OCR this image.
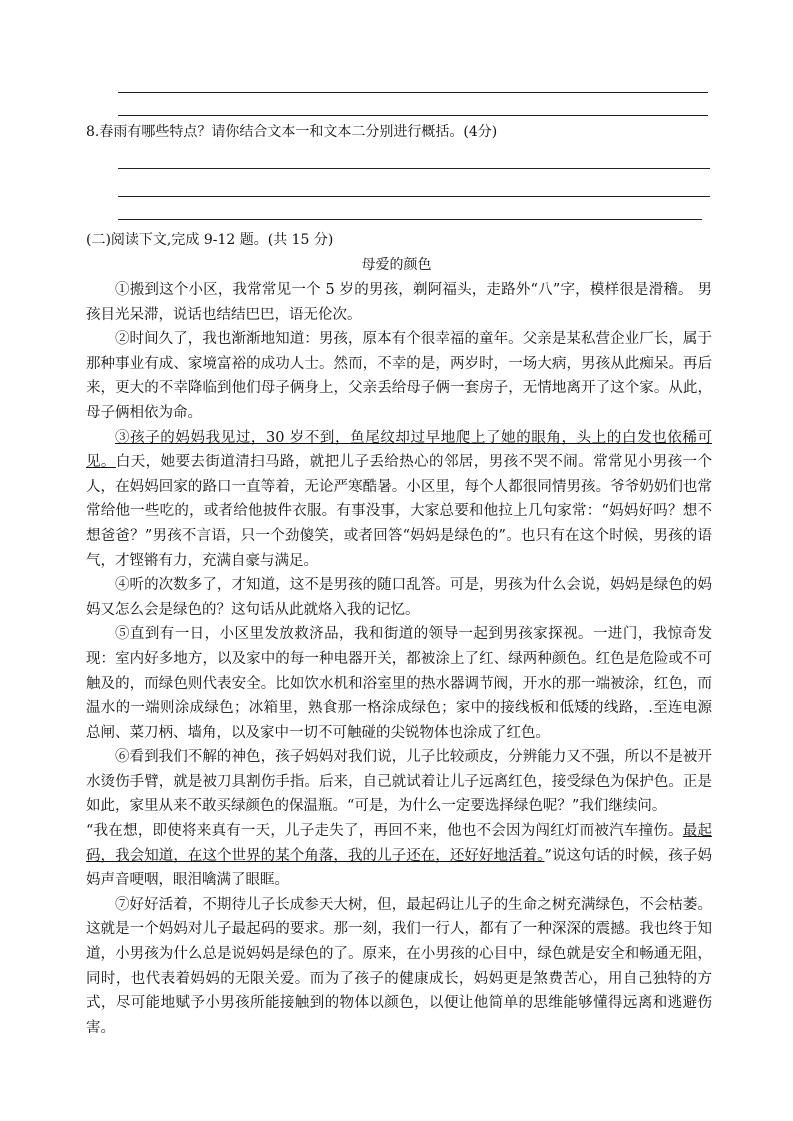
8.春雨有哪些特点？请你结合文本一和文本二分别进行概括。(4分)
(二)阅读下文,完成 9-12 题。(共 15 分)
母爱的颜色

①搬到这个小区，我常常见一个 5 岁的男孩，剃阿福头，走路外“八”字，模样很是滑稽。 男孩目光呆滞，说话也结结巴巴，语无伦次。

②时间久了，我也渐渐地知道：男孩，原本有个很幸福的童年。父亲是某私营企业厂长，属于那种事业有成、家境富裕的成功人士。然而，不幸的是，两岁时，一场大病，男孩从此痴呆。再后来，更大的不幸降临到他们母子俩身上，父亲丢给母子俩一套房子，无情地离开了这个家。从此，母子俩相依为命。

③孩子的妈妈我见过，30 岁不到，鱼尾纹却过早地爬上了她的眼角，头上的白发也依稀可见。白天，她要去街道清扫马路，就把儿子丢给热心的邻居，男孩不哭不闹。常常见小男孩一个人，在妈妈回家的路口一直等着，无论严寒酷暑。小区里，每个人都很同情男孩。爷爷奶奶们也常常给他一些吃的，或者给他披件衣服。有事没事，大家总要和他拉上几句家常：“妈妈好吗？想不想爸爸？”男孩不言语，只一个劲傻笑，或者回答“妈妈是绿色的”。也只有在这个时候，男孩的语气，才铿锵有力，充满自豪与满足。

④听的次数多了，才知道，这不是男孩的随口乱答。可是，男孩为什么会说，妈妈是绿色的妈妈又怎么会是绿色的？这句话从此就烙入我的记忆。

⑤直到有一日，小区里发放救济品，我和街道的领导一起到男孩家探视。一进门，我惊奇发现：室内好多地方，以及家中的每一种电器开关，都被涂上了红、绿两种颜色。红色是危险或不可触及的，而绿色则代表安全。比如饮水机和浴室里的热水器调节阀，开水的那一端被涂，红色，而温水的一端则涂成绿色；冰箱里，熟食那一格涂成绿色；家中的接线板和低矮的线路，.至连电源总闸、菜刀柄、墙角，以及家中一切不可触碰的尖锐物体也涂成了红色。

⑥看到我们不解的神色，孩子妈妈对我们说，儿子比较顽皮，分辨能力又不强，所以不是被开水烫伤手臂，就是被刀具割伤手指。后来，自己就试着让儿子远离红色，接受绿色为保护色。正是如此，家里从来不敢买绿颜色的保温瓶。“可是，为什么一定要选择绿色呢？”我们继续问。

“我在想，即使将来真有一天，儿子走失了，再回不来，他也不会因为闯红灯而被汽车撞伤。最起码，我会知道，在这个世界的某个角落，我的儿子还在，还好好地活着。”说这句话的时候，孩子妈妈声音哽咽，眼泪噙满了眼眶。

⑦好好活着，不期待儿子长成参天大树，但，最起码让儿子的生命之树充满绿色，不会枯萎。这就是一个妈妈对儿子最起码的要求。那一刻，我们一行人，都有了一种深深的震撼。我也终于知道，小男孩为什么总是说妈妈是绿色的了。原来，在小男孩的心目中，绿色就是安全和畅通无阻，同时，也代表着妈妈的无限关爱。而为了孩子的健康成长，妈妈更是煞费苦心，用自己独特的方式，尽可能地赋予小男孩所能接触到的物体以颜色，以便让他简单的思维能够懂得远离和逃避伤害。
